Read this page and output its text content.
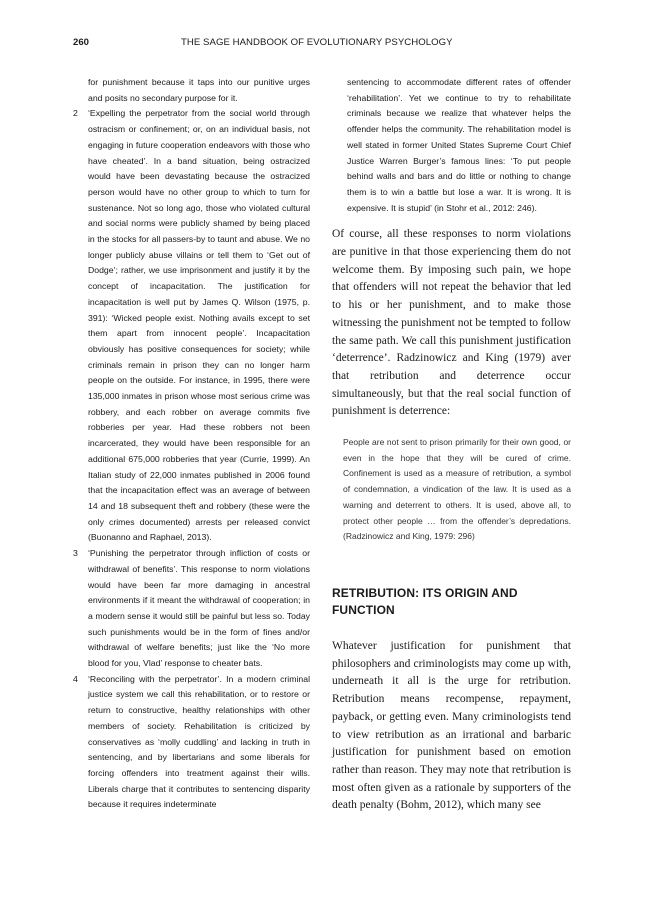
260	THE SAGE HANDBOOK OF EVOLUTIONARY PSYCHOLOGY

for punishment because it taps into our punitive urges and posits no secondary purpose for it.

2 ‘Expelling the perpetrator from the social world through ostracism or confinement; or, on an individual basis, not engaging in future cooperation endeavors with those who have cheated’. In a band situation, being ostracized would have been devastating because the ostracized person would have no other group to which to turn for sustenance. Not so long ago, those who violated cultural and social norms were publicly shamed by being placed in the stocks for all passers-by to taunt and abuse. We no longer publicly abuse villains or tell them to ‘Get out of Dodge’; rather, we use imprisonment and justify it by the concept of incapacitation. The justification for incapacitation is well put by James Q. Wilson (1975, p. 391): ‘Wicked people exist. Nothing avails except to set them apart from innocent people’. Incapacitation obviously has positive consequences for society; while criminals remain in prison they can no longer harm people on the outside. For instance, in 1995, there were 135,000 inmates in prison whose most serious crime was robbery, and each robber on average commits five robberies per year. Had these robbers not been incarcerated, they would have been responsible for an additional 675,000 robberies that year (Currie, 1999). An Italian study of 22,000 inmates published in 2006 found that the incapacitation effect was an average of between 14 and 18 subsequent theft and robbery (these were the only crimes documented) arrests per released convict (Buonanno and Raphael, 2013).

3 ‘Punishing the perpetrator through infliction of costs or withdrawal of benefits’. This response to norm violations would have been far more damaging in ancestral environments if it meant the withdrawal of cooperation; in a modern sense it would still be painful but less so. Today such punishments would be in the form of fines and/or withdrawal of welfare benefits; just like the ‘No more blood for you, Vlad’ response to cheater bats.

4 ‘Reconciling with the perpetrator’. In a modern criminal justice system we call this rehabilitation, or to restore or return to constructive, healthy relationships with other members of society. Rehabilitation is criticized by conservatives as ‘molly cuddling’ and lacking in truth in sentencing, and by libertarians and some liberals for forcing offenders into treatment against their wills. Liberals charge that it contributes to sentencing disparity because it requires indeterminate

sentencing to accommodate different rates of offender ‘rehabilitation’. Yet we continue to try to rehabilitate criminals because we realize that whatever helps the offender helps the community. The rehabilitation model is well stated in former United States Supreme Court Chief Justice Warren Burger’s famous lines: ‘To put people behind walls and bars and do little or nothing to change them is to win a battle but lose a war. It is wrong. It is expensive. It is stupid’ (in Stohr et al., 2012: 246).

Of course, all these responses to norm violations are punitive in that those experiencing them do not welcome them. By imposing such pain, we hope that offenders will not repeat the behavior that led to his or her punishment, and to make those witnessing the punishment not be tempted to follow the same path. We call this punishment justification ‘deterrence’. Radzinowicz and King (1979) aver that retribution and deterrence occur simultaneously, but that the real social function of punishment is deterrence:

People are not sent to prison primarily for their own good, or even in the hope that they will be cured of crime. Confinement is used as a measure of retribution, a symbol of condemnation, a vindication of the law. It is used as a warning and deterrent to others. It is used, above all, to protect other people … from the offender’s depredations. (Radzinowicz and King, 1979: 296)

RETRIBUTION: ITS ORIGIN AND FUNCTION

Whatever justification for punishment that philosophers and criminologists may come up with, underneath it all is the urge for retribution. Retribution means recompense, repayment, payback, or getting even. Many criminologists tend to view retribution as an irrational and barbaric justification for punishment based on emotion rather than reason. They may note that retribution is most often given as a rationale by supporters of the death penalty (Bohm, 2012), which many see
